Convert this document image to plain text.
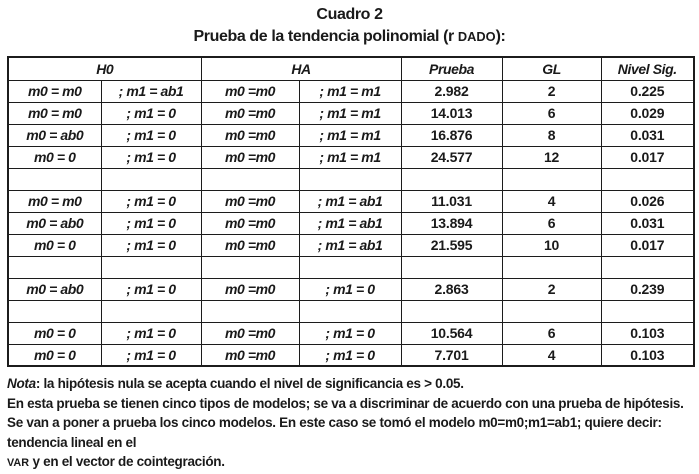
Cuadro 2
Prueba de la tendencia polinomial (r DADO):
H0		HA		Prueba	GL	Nivel Sig.
m0 = m0	; m1 = ab1	m0 =m0	; m1 = m1	2.982	2	0.225
m0 = m0	; m1 = 0	m0 =m0	; m1 = m1	14.013	6	0.029
m0 = ab0	; m1 = 0	m0 =m0	; m1 = m1	16.876	8	0.031
m0 = 0	; m1 = 0	m0 =m0	; m1 = m1	24.577	12	0.017

m0 = m0	; m1 = 0	m0 =m0	; m1 = ab1	11.031	4	0.026
m0 = ab0	; m1 = 0	m0 =m0	; m1 = ab1	13.894	6	0.031
m0 = 0	; m1 = 0	m0 =m0	; m1 = ab1	21.595	10	0.017

m0 = ab0	; m1 = 0	m0 =m0	; m1 = 0	2.863	2	0.239

m0 = 0	; m1 = 0	m0 =m0	; m1 = 0	10.564	6	0.103
m0 = 0	; m1 = 0	m0 =m0	; m1 = 0	7.701	4	0.103

Nota: la hipótesis nula se acepta cuando el nivel de significancia es > 0.05.

En esta prueba se tienen cinco tipos de modelos; se va a discriminar de acuerdo con una prueba de hipótesis.

Se van a poner a prueba los cinco modelos. En este caso se tomó el modelo m0=m0;m1=ab1; quiere decir: tendencia lineal en el

VAR y en el vector de cointegración.
